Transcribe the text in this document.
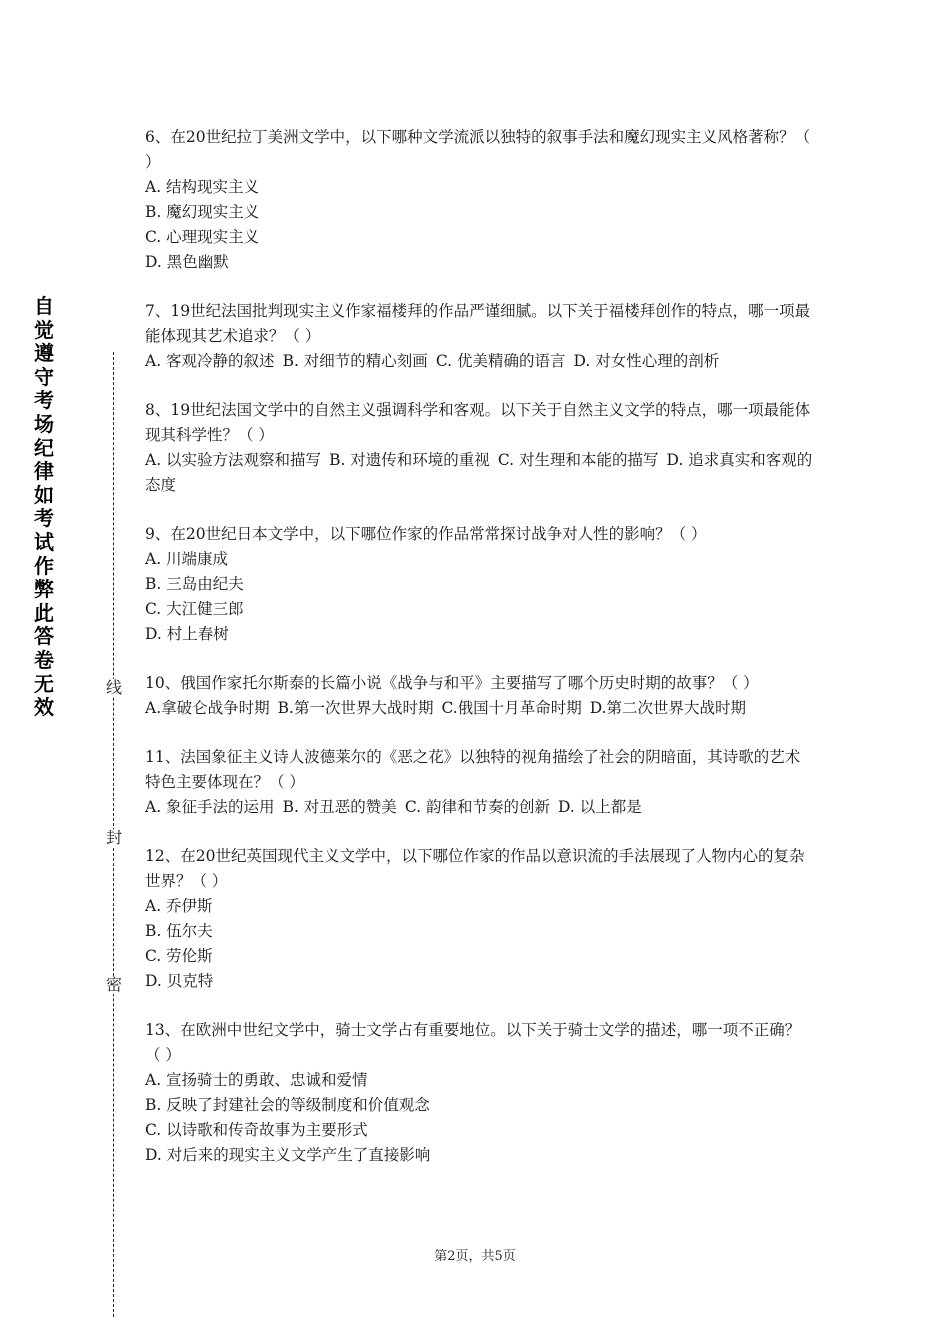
自
觉
遵
守
考
场
纪
律
如
考
试
作
弊
此
答
卷
无
效
线
封
密

6、在20世纪拉丁美洲文学中，以下哪种文学流派以独特的叙事手法和魔幻现实主义风格著称？（ ）

A. 结构现实主义

B. 魔幻现实主义

C. 心理现实主义

D. 黑色幽默

7、19世纪法国批判现实主义作家福楼拜的作品严谨细腻。以下关于福楼拜创作的特点，哪一项最能体现其艺术追求？（ ）

A. 客观冷静的叙述 B. 对细节的精心刻画 C. 优美精确的语言 D. 对女性心理的剖析

8、19世纪法国文学中的自然主义强调科学和客观。以下关于自然主义文学的特点，哪一项最能体现其科学性？（ ）

A. 以实验方法观察和描写 B. 对遗传和环境的重视 C. 对生理和本能的描写 D. 追求真实和客观的态度

9、在20世纪日本文学中，以下哪位作家的作品常常探讨战争对人性的影响？（ ）

A. 川端康成

B. 三岛由纪夫

C. 大江健三郎

D. 村上春树

10、俄国作家托尔斯泰的长篇小说《战争与和平》主要描写了哪个历史时期的故事？（ ）

A.拿破仑战争时期 B.第一次世界大战时期 C.俄国十月革命时期 D.第二次世界大战时期

11、法国象征主义诗人波德莱尔的《恶之花》以独特的视角描绘了社会的阴暗面，其诗歌的艺术特色主要体现在？（ ）

A. 象征手法的运用 B. 对丑恶的赞美 C. 韵律和节奏的创新 D. 以上都是

12、在20世纪英国现代主义文学中，以下哪位作家的作品以意识流的手法展现了人物内心的复杂世界？（ ）

A. 乔伊斯

B. 伍尔夫

C. 劳伦斯

D. 贝克特

13、在欧洲中世纪文学中，骑士文学占有重要地位。以下关于骑士文学的描述，哪一项不正确？（ ）

A. 宣扬骑士的勇敢、忠诚和爱情

B. 反映了封建社会的等级制度和价值观念

C. 以诗歌和传奇故事为主要形式

D. 对后来的现实主义文学产生了直接影响

第2页，共5页
